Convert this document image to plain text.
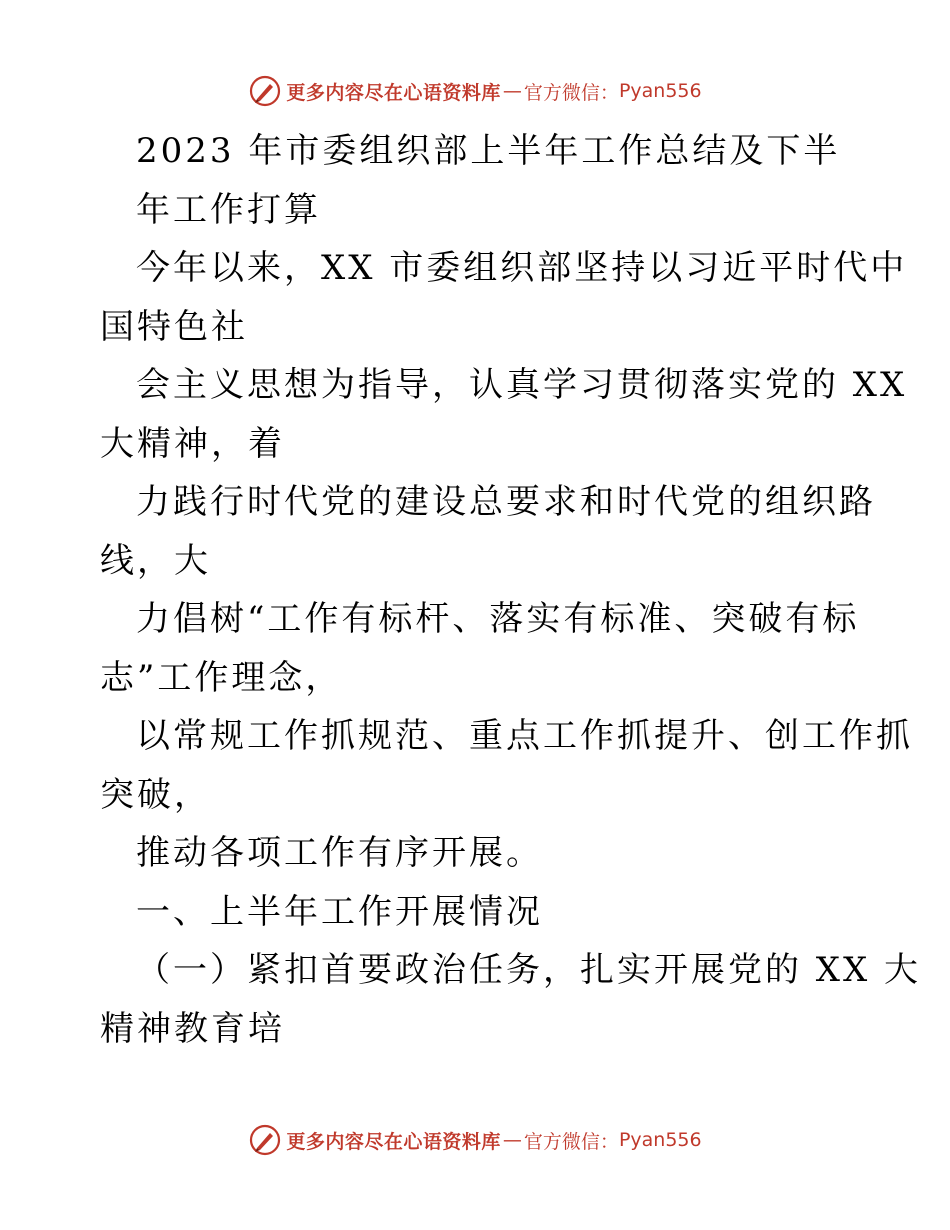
更多内容尽在心语资料库 — 官方微信： Pyan556
2023 年市委组织部上半年工作总结及下半
年工作打算
今年以来，XX 市委组织部坚持以习近平时代中
国特色社
会主义思想为指导，认真学习贯彻落实党的 XX
大精神，着
力践行时代党的建设总要求和时代党的组织路
线，大
力倡树“工作有标杆、落实有标准、突破有标
志”工作理念，
以常规工作抓规范、重点工作抓提升、创工作抓
突破，
推动各项工作有序开展。
一、上半年工作开展情况
（一）紧扣首要政治任务，扎实开展党的 XX 大
精神教育培
更多内容尽在心语资料库 — 官方微信： Pyan556
